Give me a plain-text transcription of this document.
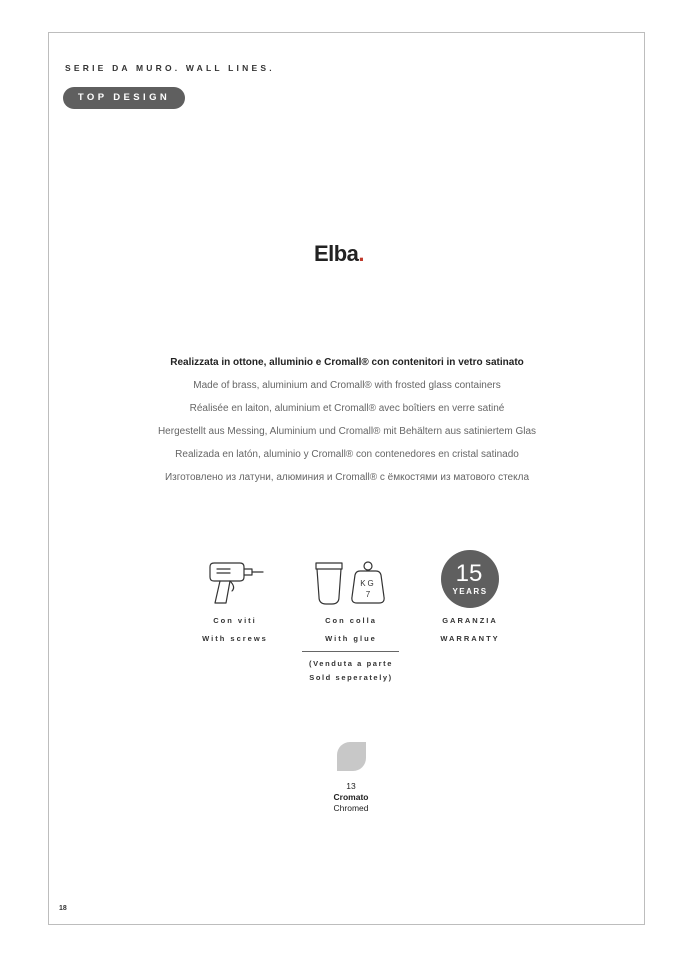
SERIE DA MURO. WALL LINES.
TOP DESIGN
Elba.
Realizzata in ottone, alluminio e Cromall® con contenitori in vetro satinato
Made of brass, aluminium and Cromall® with frosted glass containers
Réalisée en laiton, aluminium et Cromall® avec boîtiers en verre satiné
Hergestellt aus Messing, Aluminium und Cromall® mit Behältern aus satiniertem Glas
Realizada en latón, aluminio y Cromall® con contenedores en cristal satinado
Изготовлено из латуни, алюминия и Cromall® с ёмкостями из матового стекла
KG
7
15
YEARS
Con viti
With screws
Con colla
With glue
(Venduta a parte
Sold seperately)
GARANZIA
WARRANTY
13
Cromato
Chromed
18
